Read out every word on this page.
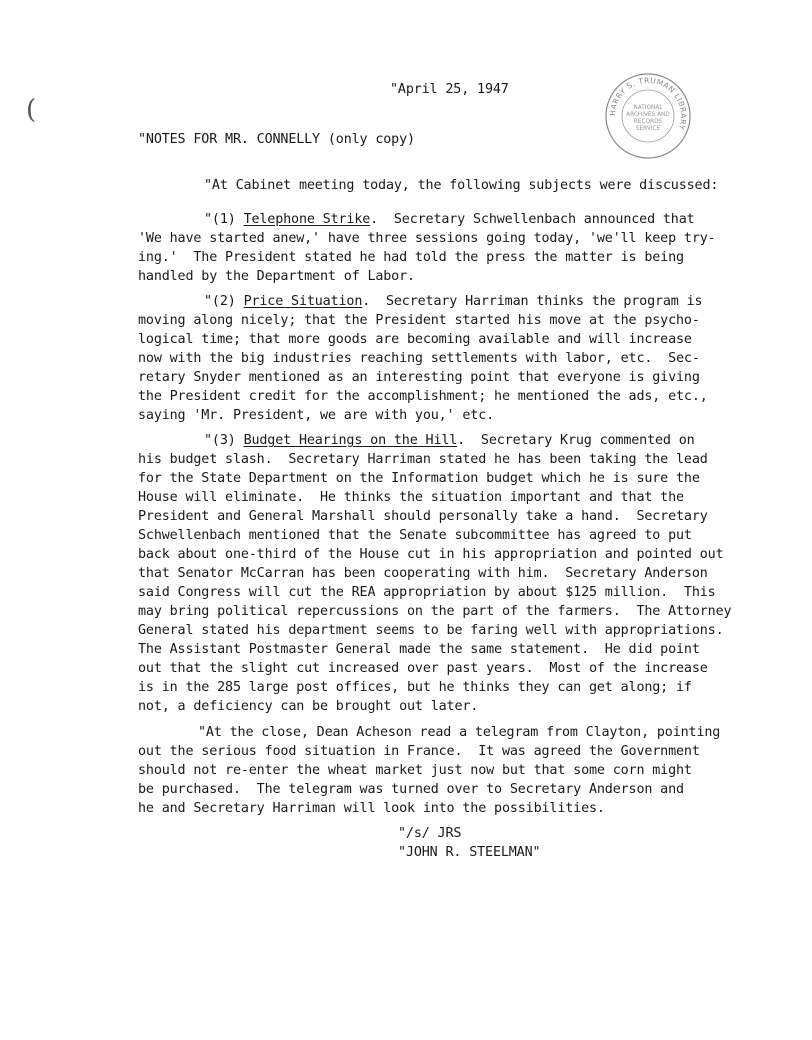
(	HARRY S. TRUMAN LIBRARY
NATIONAL
ARCHIVES AND
RECORDS
SERVICE
"April 25, 1947
"NOTES FOR MR. CONNELLY (only copy)
"At Cabinet meeting today, the following subjects were discussed:
"(1) Telephone Strike.  Secretary Schwellenbach announced that
'We have started anew,' have three sessions going today, 'we'll keep try-
ing.'  The President stated he had told the press the matter is being
handled by the Department of Labor.
"(2) Price Situation.  Secretary Harriman thinks the program is
moving along nicely; that the President started his move at the psycho-
logical time; that more goods are becoming available and will increase
now with the big industries reaching settlements with labor, etc.  Sec-
retary Snyder mentioned as an interesting point that everyone is giving
the President credit for the accomplishment; he mentioned the ads, etc.,
saying 'Mr. President, we are with you,' etc.
"(3) Budget Hearings on the Hill.  Secretary Krug commented on
his budget slash.  Secretary Harriman stated he has been taking the lead
for the State Department on the Information budget which he is sure the
House will eliminate.  He thinks the situation important and that the
President and General Marshall should personally take a hand.  Secretary
Schwellenbach mentioned that the Senate subcommittee has agreed to put
back about one-third of the House cut in his appropriation and pointed out
that Senator McCarran has been cooperating with him.  Secretary Anderson
said Congress will cut the REA appropriation by about $125 million.  This
may bring political repercussions on the part of the farmers.  The Attorney
General stated his department seems to be faring well with appropriations.
The Assistant Postmaster General made the same statement.  He did point
out that the slight cut increased over past years.  Most of the increase
is in the 285 large post offices, but he thinks they can get along; if
not, a deficiency can be brought out later.
"At the close, Dean Acheson read a telegram from Clayton, pointing
out the serious food situation in France.  It was agreed the Government
should not re-enter the wheat market just now but that some corn might
be purchased.  The telegram was turned over to Secretary Anderson and
he and Secretary Harriman will look into the possibilities.
"/s/ JRS
"JOHN R. STEELMAN"
